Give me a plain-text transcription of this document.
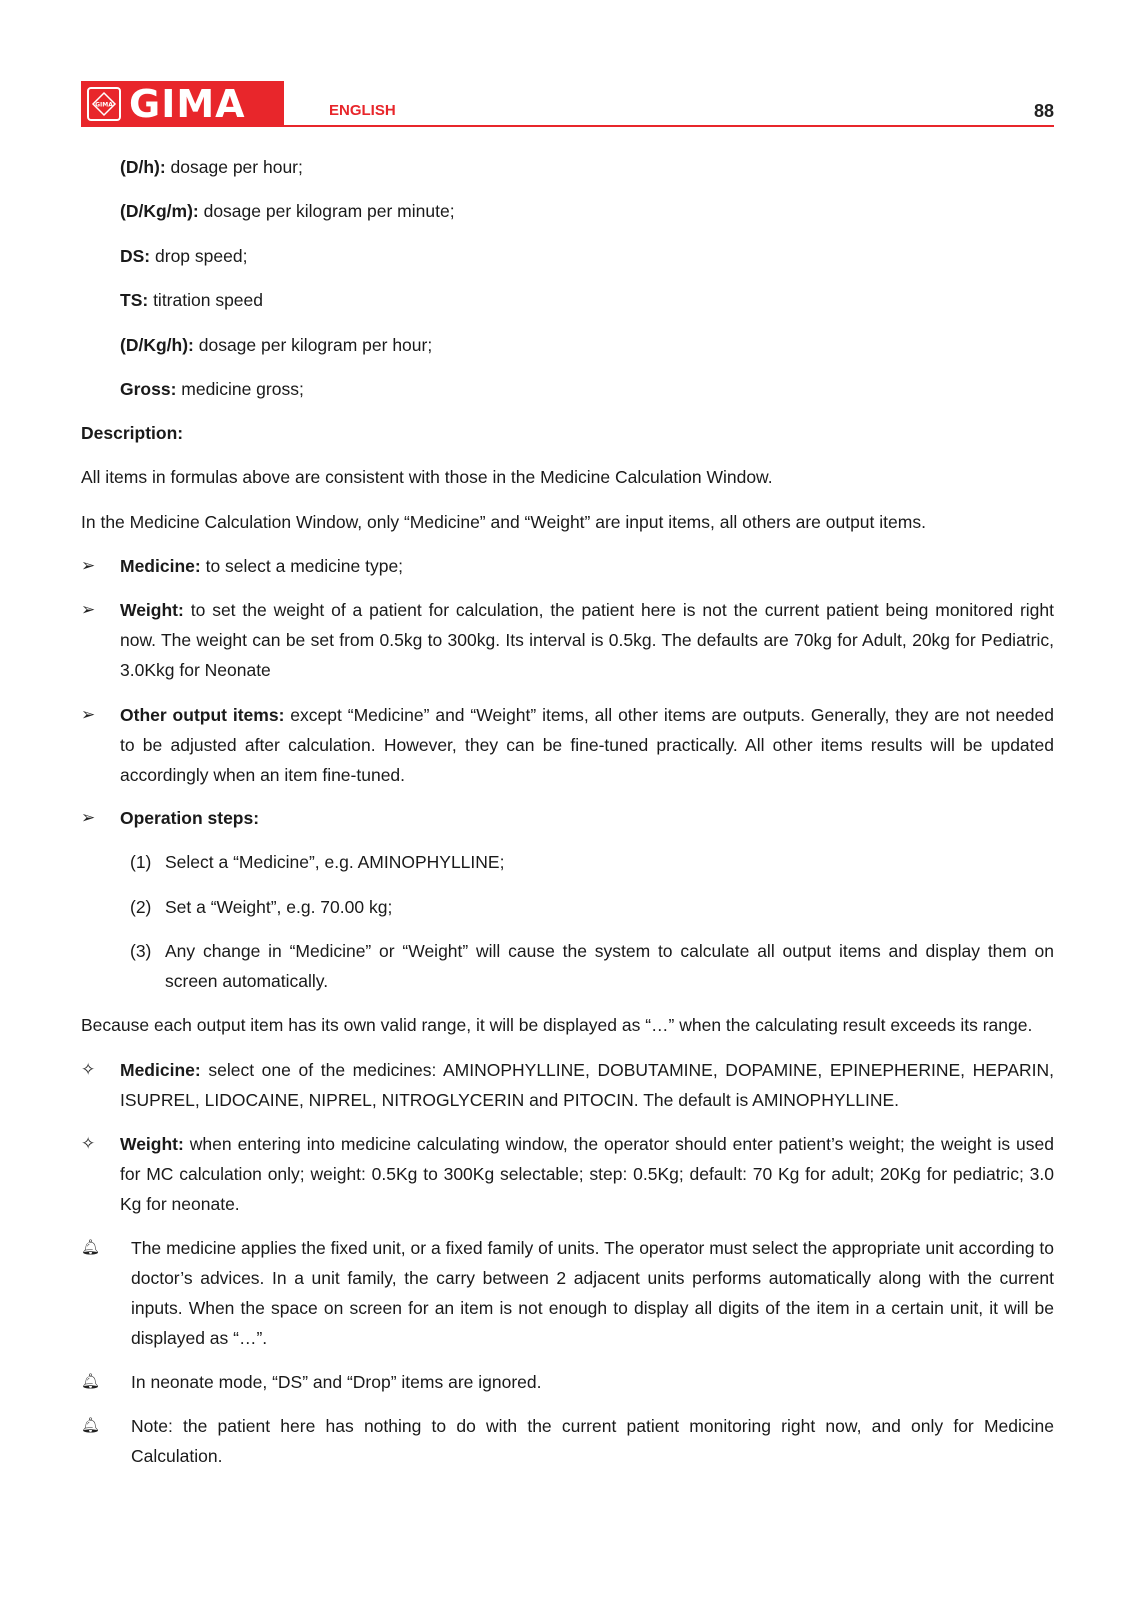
GIMA GIMA	ENGLISH	88
(D/h): dosage per hour;
(D/Kg/m): dosage per kilogram per minute;
DS: drop speed;
TS: titration speed
(D/Kg/h): dosage per kilogram per hour;
Gross: medicine gross;
Description:
All items in formulas above are consistent with those in the Medicine Calculation Window.
In the Medicine Calculation Window, only “Medicine” and “Weight” are input items, all others are output items.
➢ Medicine: to select a medicine type;
➢ Weight: to set the weight of a patient for calculation, the patient here is not the current patient being monitored right now. The weight can be set from 0.5kg to 300kg. Its interval is 0.5kg. The defaults are 70kg for Adult, 20kg for Pediatric, 3.0Kkg for Neonate
➢ Other output items: except “Medicine” and “Weight” items, all other items are outputs. Generally, they are not needed to be adjusted after calculation. However, they can be fine-tuned practically. All other items results will be updated accordingly when an item fine-tuned.
➢ Operation steps:
(1) Select a “Medicine”, e.g. AMINOPHYLLINE;
(2) Set a “Weight”, e.g. 70.00 kg;
(3) Any change in “Medicine” or “Weight” will cause the system to calculate all output items and display them on screen automatically.
Because each output item has its own valid range, it will be displayed as “…” when the calculating result exceeds its range.
✧ Medicine: select one of the medicines: AMINOPHYLLINE, DOBUTAMINE, DOPAMINE, EPINEPHERINE, HEPARIN, ISUPREL, LIDOCAINE, NIPREL, NITROGLYCERIN and PITOCIN. The default is AMINOPHYLLINE.
✧ Weight: when entering into medicine calculating window, the operator should enter patient’s weight; the weight is used for MC calculation only; weight: 0.5Kg to 300Kg selectable; step: 0.5Kg; default: 70 Kg for adult; 20Kg for pediatric; 3.0 Kg for neonate.
🔔︎ The medicine applies the fixed unit, or a fixed family of units. The operator must select the appropriate unit according to doctor’s advices. In a unit family, the carry between 2 adjacent units performs automatically along with the current inputs. When the space on screen for an item is not enough to display all digits of the item in a certain unit, it will be displayed as “…”.
🔔︎ In neonate mode, “DS” and “Drop” items are ignored.
🔔︎ Note: the patient here has nothing to do with the current patient monitoring right now, and only for Medicine Calculation.
